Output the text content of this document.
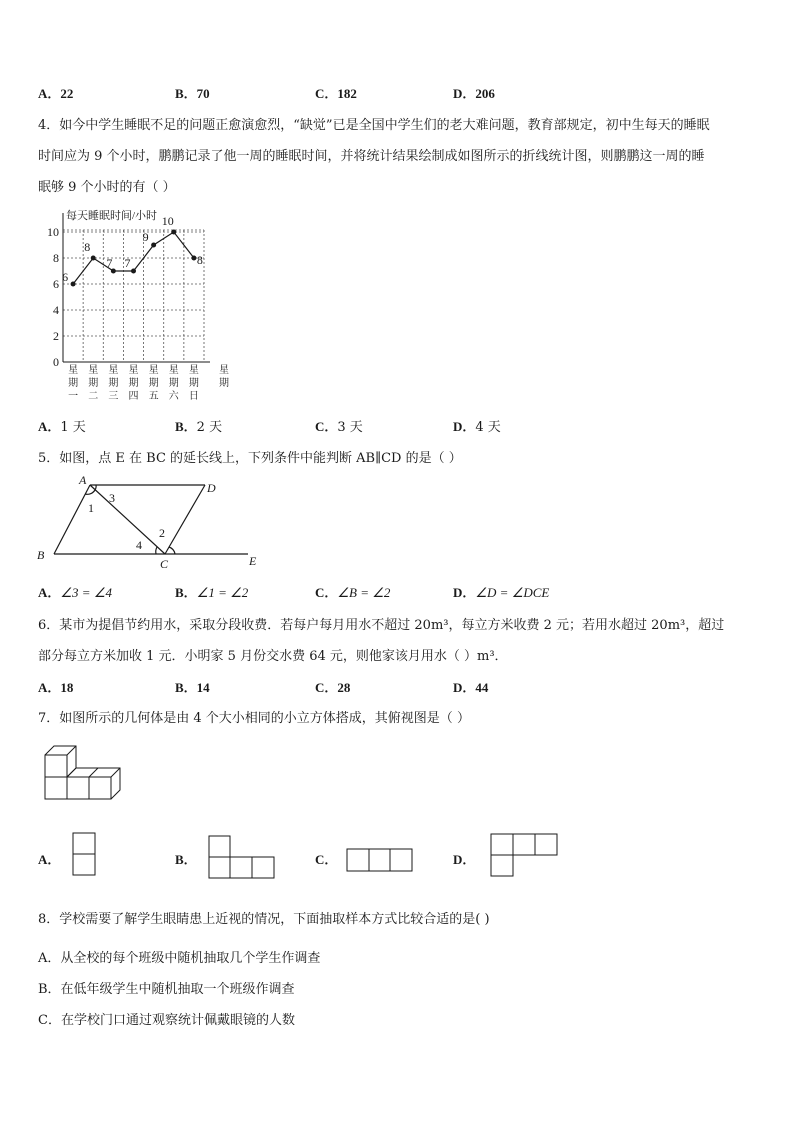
A．22	B．70	C．182	D．206
4．如今中学生睡眠不足的问题正愈演愈烈，“缺觉”已是全国中学生们的老大难问题，教育部规定，初中生每天的睡眠
时间应为 9 个小时，鹏鹏记录了他一周的睡眠时间，并将统计结果绘制成如图所示的折线统计图，则鹏鹏这一周的睡
眠够 9 个小时的有（ ）
0
2
4
6
8
10
星期一
星期二
星期三
星期四
星期五
星期六
星期日
星期
6
8
7 7
9
10
8
每天睡眠时间/小时
A．1 天	B．2 天	C．3 天	D．4 天
5．如图，点 E 在 BC 的延长线上，下列条件中能判断 AB∥CD 的是（ ）
A
B
C
D
E
1
2
3
4
A．∠3 = ∠4	B．∠1 = ∠2	C．∠B = ∠2	D．∠D = ∠DCE
6．某市为提倡节约用水，采取分段收费．若每户每月用水不超过 20m³，每立方米收费 2 元；若用水超过 20m³，超过
部分每立方米加收 1 元．小明家 5 月份交水费 64 元，则他家该月用水（ ）m³．
A．18	B．14	C．28	D．44
7．如图所示的几何体是由 4 个大小相同的小立方体搭成，其俯视图是（ ）
A．	B．	C．	D．
8．学校需要了解学生眼睛患上近视的情况，下面抽取样本方式比较合适的是( )
A．从全校的每个班级中随机抽取几个学生作调查
B．在低年级学生中随机抽取一个班级作调查
C．在学校门口通过观察统计佩戴眼镜的人数
